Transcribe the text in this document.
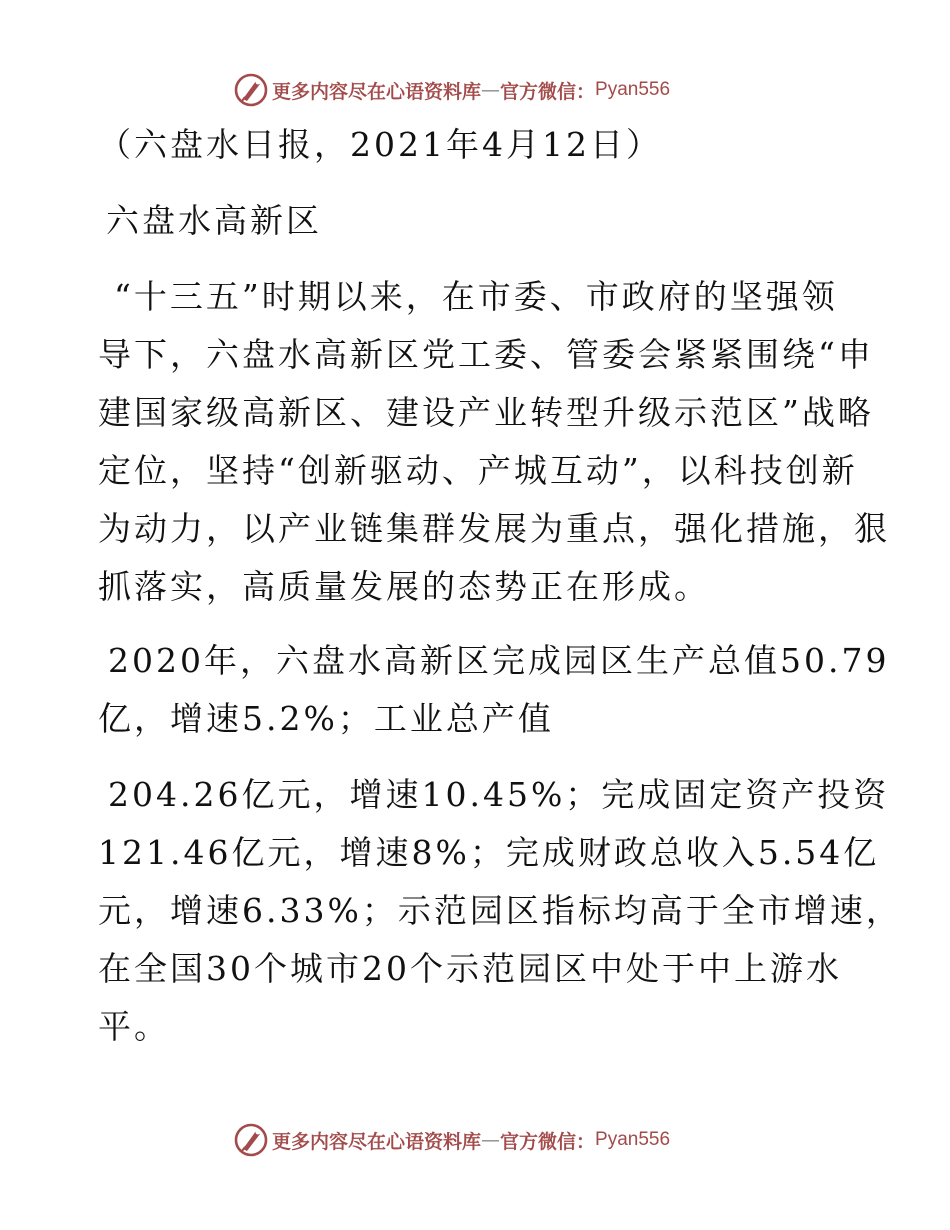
更多内容尽在心语资料库 — 官方微信： Pyan556

（六盘水日报，2021年4月12日）

六盘水高新区

“十三五”时期以来，在市委、市政府的坚强领
导下，六盘水高新区党工委、管委会紧紧围绕“申
建国家级高新区、建设产业转型升级示范区”战略
定位，坚持“创新驱动、产城互动”，以科技创新
为动力，以产业链集群发展为重点，强化措施，狠
抓落实，高质量发展的态势正在形成。

2020年，六盘水高新区完成园区生产总值50.79
亿，增速5.2%；工业总产值

204.26亿元，增速10.45%；完成固定资产投资
121.46亿元，增速8%；完成财政总收入5.54亿
元，增速6.33%；示范园区指标均高于全市增速，
在全国30个城市20个示范园区中处于中上游水
平。

更多内容尽在心语资料库 — 官方微信： Pyan556
